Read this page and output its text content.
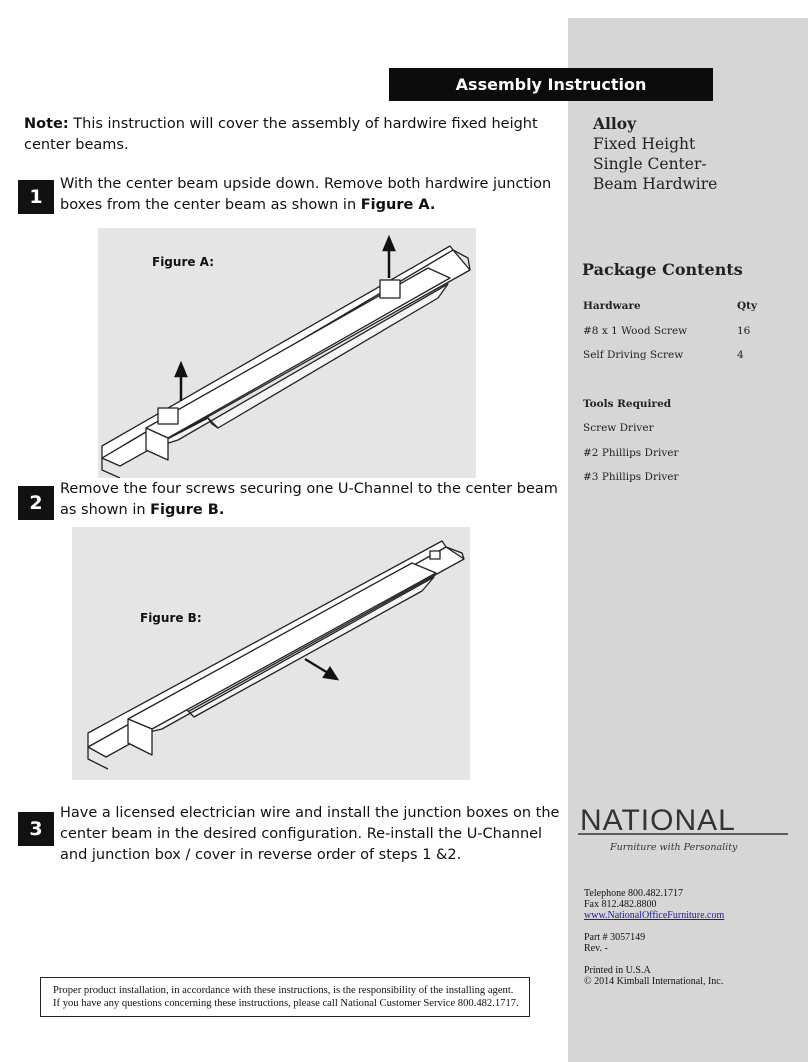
Assembly Instruction
Note: This instruction will cover the assembly of hardwire fixed height center beams.
1
With the center beam upside down. Remove both hardwire junction boxes from the center beam as shown in Figure A.
Figure A:
2
Remove the four screws securing one U-Channel to the center beam as shown in Figure B.
Figure B:
3
Have a licensed electrician wire and install the junction boxes on the center beam in the desired configuration. Re-install the U-Channel and junction box / cover in reverse order of steps 1 &2.
Alloy
Fixed Height
Single Center-
Beam Hardwire
Package Contents
Hardware	Qty
#8 x 1 Wood Screw	16
Self Driving Screw	4
Tools Required
Screw Driver
#2 Phillips Driver
#3 Phillips Driver
NATIONAL
Furniture with Personality
Telephone 800.482.1717
Fax 812.482.8800
www.NationalOfficeFurniture.com
Part # 3057149
Rev. -
Printed in U.S.A
© 2014 Kimball International, Inc.
Proper product installation, in accordance with these instructions, is the responsibility of the installing agent.
If you have any questions concerning these instructions, please call National Customer Service 800.482.1717.
